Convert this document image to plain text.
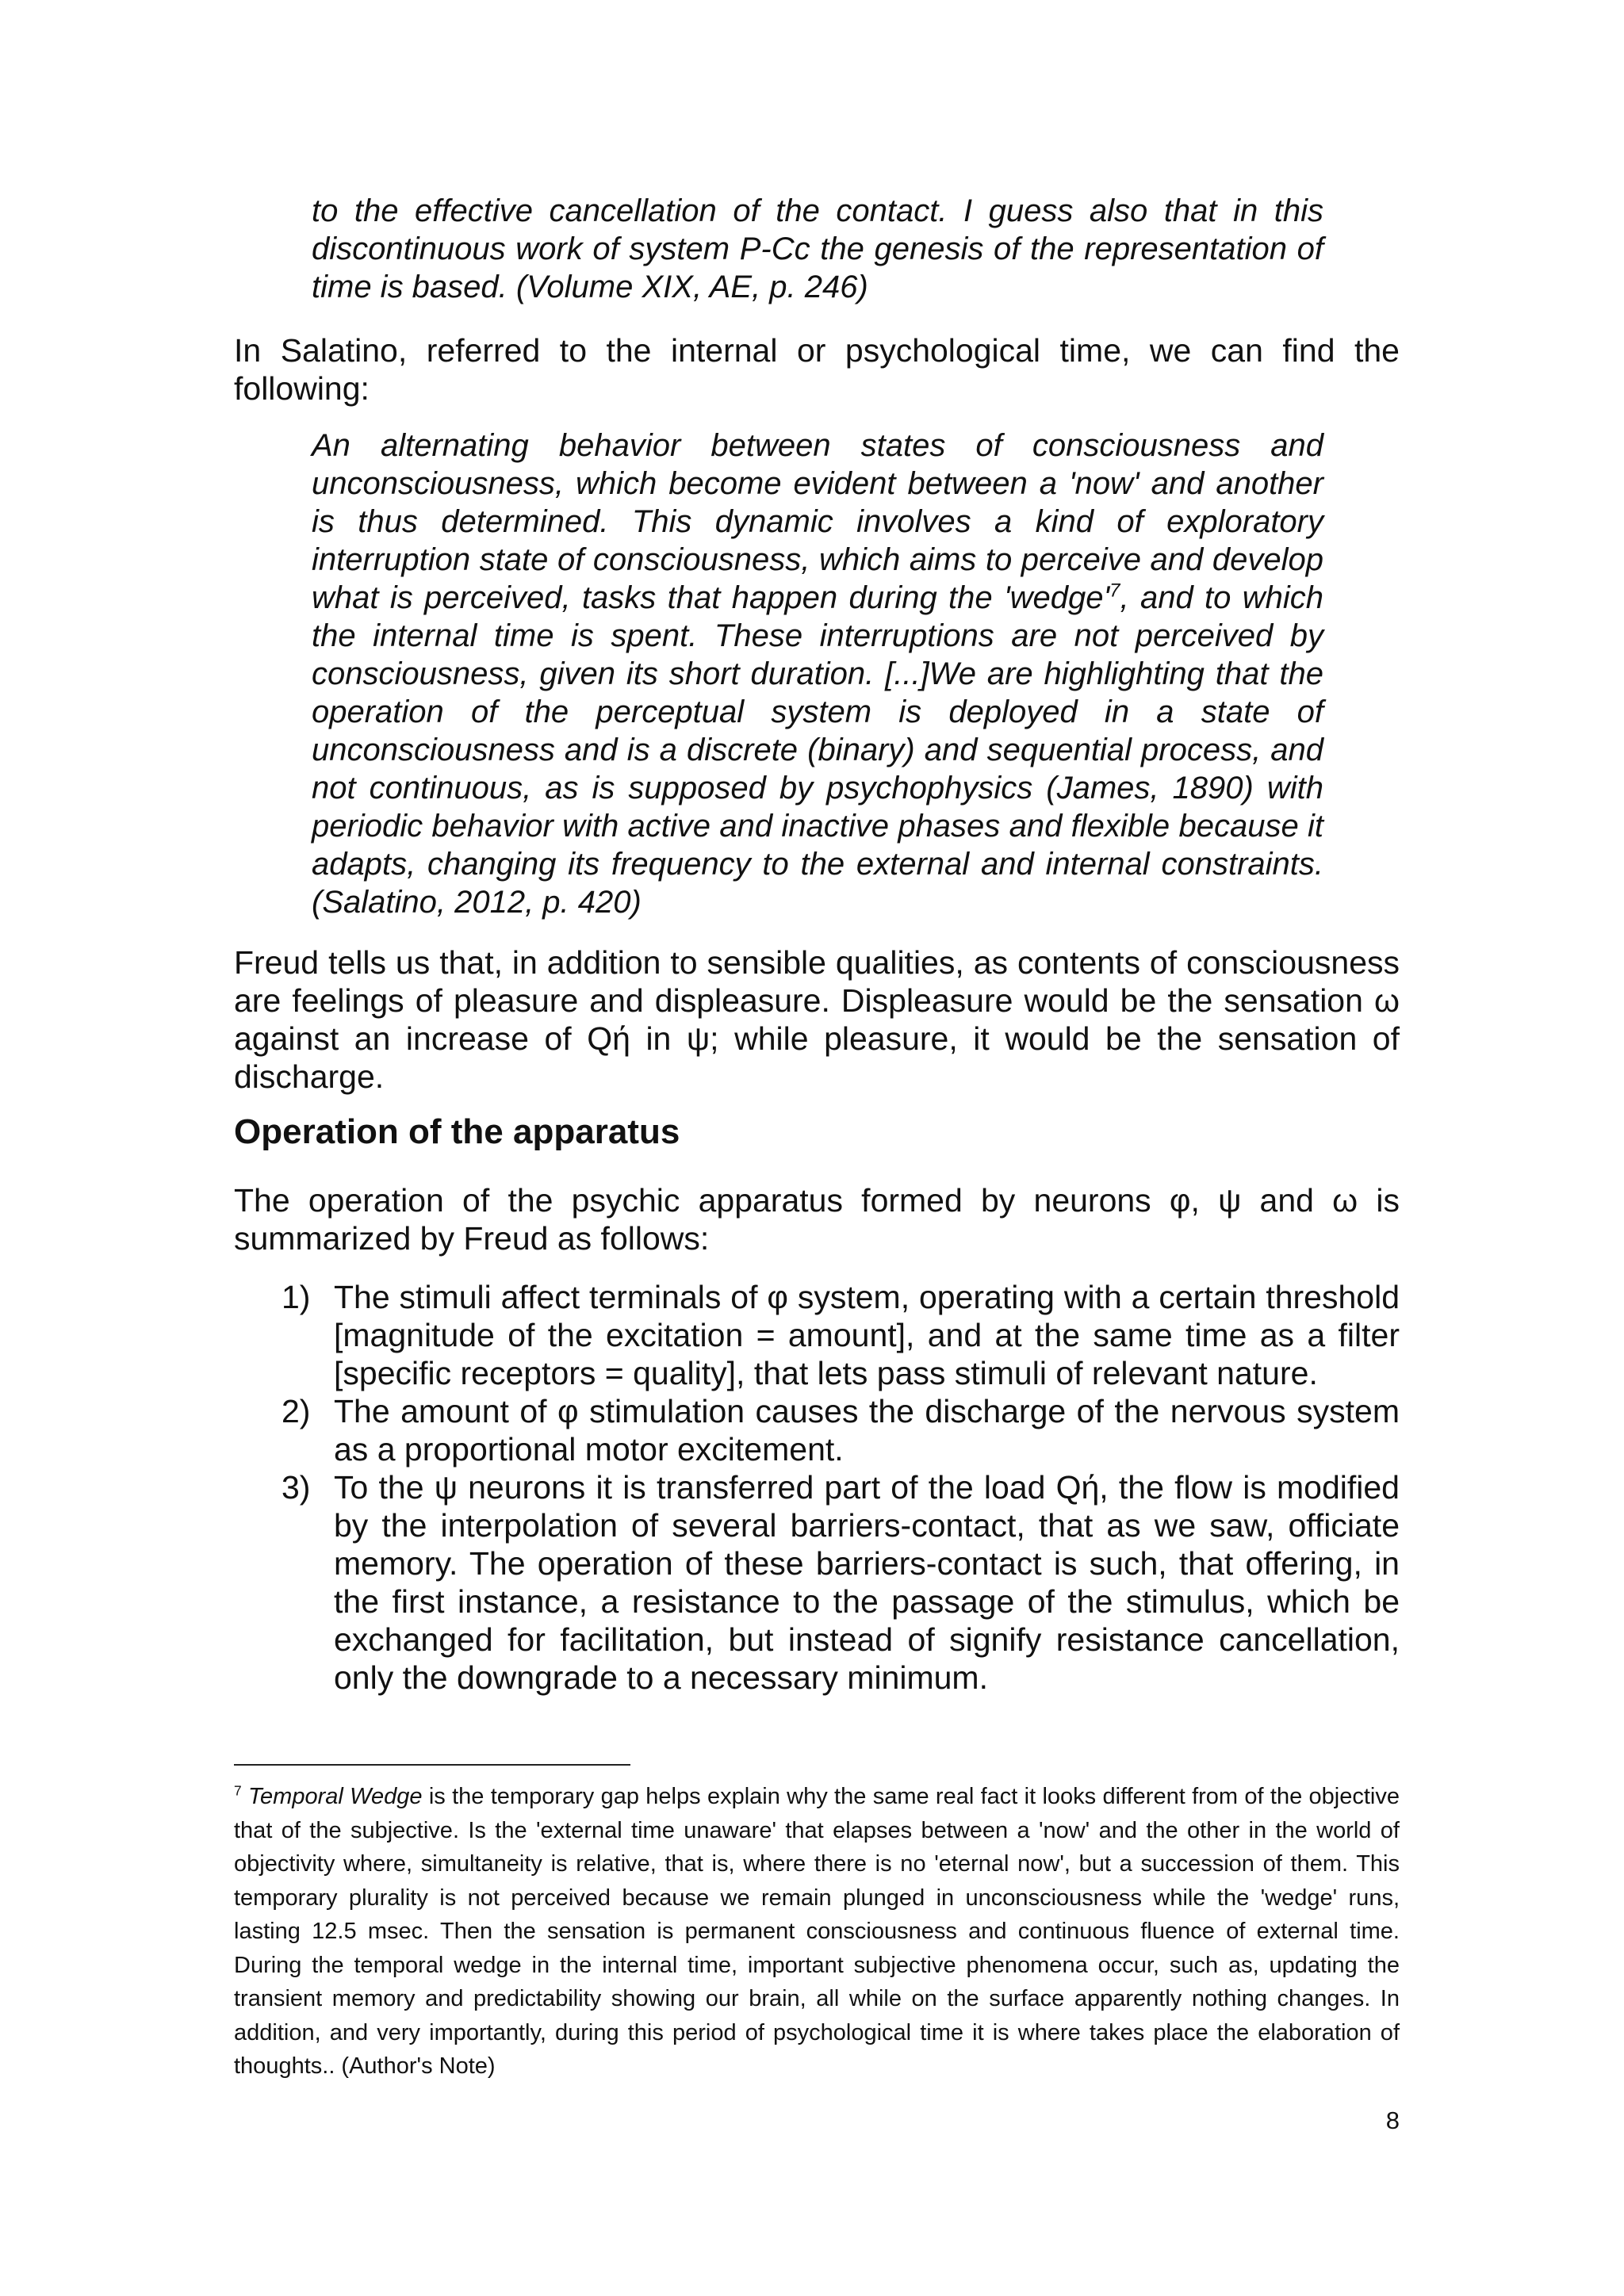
to the effective cancellation of the contact. I guess also that in this discontinuous work of system P-Cc the genesis of the representation of time is based. (Volume XIX, AE, p. 246)

In Salatino, referred to the internal or psychological time, we can find the following:

An alternating behavior between states of consciousness and unconsciousness, which become evident between a 'now' and another is thus determined. This dynamic involves a kind of exploratory interruption state of consciousness, which aims to perceive and develop what is perceived, tasks that happen during the '$wedge'^7$, and to which the internal time is spent. These interruptions are not perceived by consciousness, given its short duration. [...]We are highlighting that the operation of the perceptual system is deployed in a state of unconsciousness and is a discrete (binary) and sequential process, and not continuous, as is supposed by psychophysics (James, 1890) with periodic behavior with active and inactive phases and flexible because it adapts, changing its frequency to the external and internal constraints. (Salatino, 2012, p. 420)

Freud tells us that, in addition to sensible qualities, as contents of consciousness are feelings of pleasure and displeasure. Displeasure would be the sensation ω against an increase of Qή in ψ; while pleasure, it would be the sensation of discharge.

Operation of the apparatus

The operation of the psychic apparatus formed by neurons φ, ψ and ω is summarized by Freud as follows:

1) The stimuli affect terminals of φ system, operating with a certain threshold [magnitude of the excitation = amount], and at the same time as a filter [specific receptors = quality], that lets pass stimuli of relevant nature.
2) The amount of φ stimulation causes the discharge of the nervous system as a proportional motor excitement.
3) To the ψ neurons it is transferred part of the load Qή, the flow is modified by the interpolation of several barriers-contact, that as we saw, officiate memory. The operation of these barriers-contact is such, that offering, in the first instance, a resistance to the passage of the stimulus, which be exchanged for facilitation, but instead of signify resistance cancellation, only the downgrade to a necessary minimum.

$^7$ Temporal Wedge is the temporary gap helps explain why the same real fact it looks different from of the objective that of the subjective. Is the 'external time unaware' that elapses between a 'now' and the other in the world of objectivity where, simultaneity is relative, that is, where there is no 'eternal now', but a succession of them. This temporary plurality is not perceived because we remain plunged in unconsciousness while the 'wedge' runs, lasting 12.5 msec. Then the sensation is permanent consciousness and continuous fluence of external time. During the temporal wedge in the internal time, important subjective phenomena occur, such as, updating the transient memory and predictability showing our brain, all while on the surface apparently nothing changes. In addition, and very importantly, during this period of psychological time it is where takes place the elaboration of thoughts.. (Author's Note)

8
